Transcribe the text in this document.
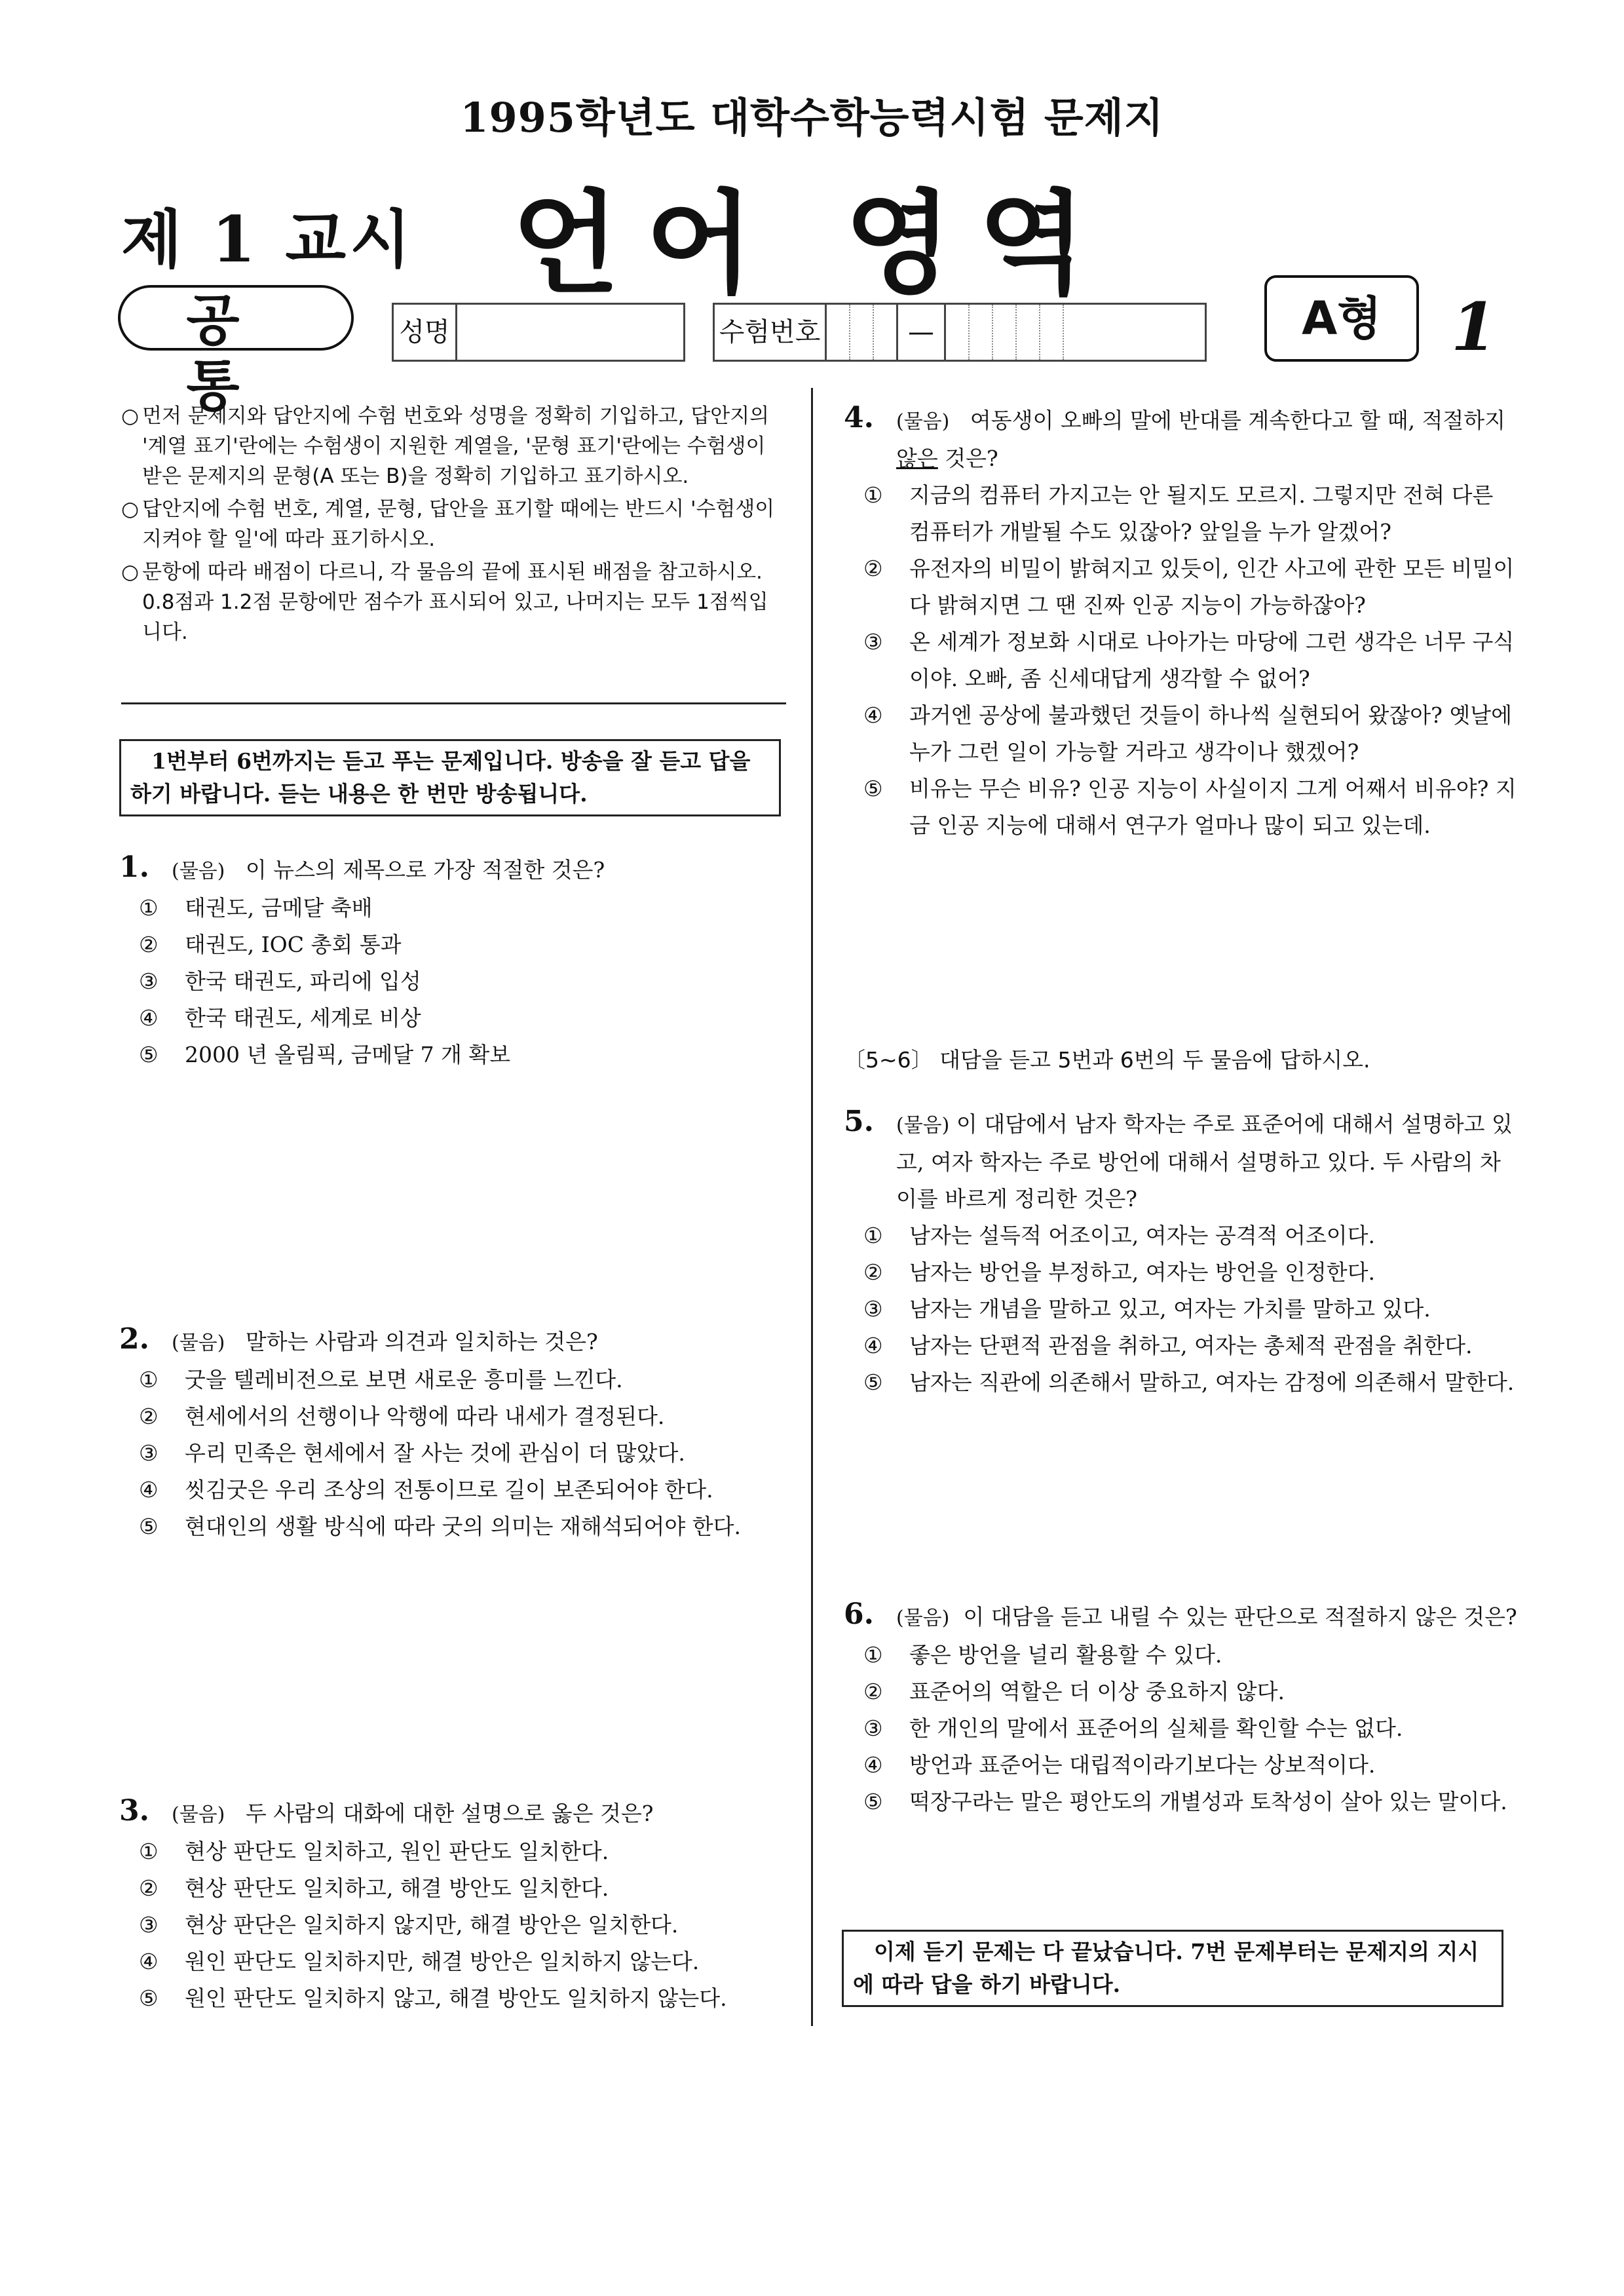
1995학년도 대학수학능력시험 문제지
제 1 교시 언어 영역
공 통
성명	수험번호	—	A형	1
○ 먼저 문제지와 답안지에 수험 번호와 성명을 정확히 기입하고, 답안지의 '계열 표기'란에는 수험생이 지원한 계열을, '문형 표기'란에는 수험생이 받은 문제지의 문형(A 또는 B)을 정확히 기입하고 표기하시오.
○ 답안지에 수험 번호, 계열, 문형, 답안을 표기할 때에는 반드시 '수험생이 지켜야 할 일'에 따라 표기하시오.
○ 문항에 따라 배점이 다르니, 각 물음의 끝에 표시된 배점을 참고하시오. 0.8점과 1.2점 문항에만 점수가 표시되어 있고, 나머지는 모두 1점씩입니다.
1번부터 6번까지는 듣고 푸는 문제입니다. 방송을 잘 듣고 답을 하기 바랍니다. 듣는 내용은 한 번만 방송됩니다.
1. (물음) 이 뉴스의 제목으로 가장 적절한 것은?
① 태권도, 금메달 축배
② 태권도, IOC 총회 통과
③ 한국 태권도, 파리에 입성
④ 한국 태권도, 세계로 비상
⑤ 2000 년 올림픽, 금메달 7 개 확보
2. (물음) 말하는 사람과 의견과 일치하는 것은?
① 굿을 텔레비전으로 보면 새로운 흥미를 느낀다.
② 현세에서의 선행이나 악행에 따라 내세가 결정된다.
③ 우리 민족은 현세에서 잘 사는 것에 관심이 더 많았다.
④ 씻김굿은 우리 조상의 전통이므로 길이 보존되어야 한다.
⑤ 현대인의 생활 방식에 따라 굿의 의미는 재해석되어야 한다.
3. (물음) 두 사람의 대화에 대한 설명으로 옳은 것은?
① 현상 판단도 일치하고, 원인 판단도 일치한다.
② 현상 판단도 일치하고, 해결 방안도 일치한다.
③ 현상 판단은 일치하지 않지만, 해결 방안은 일치한다.
④ 원인 판단도 일치하지만, 해결 방안은 일치하지 않는다.
⑤ 원인 판단도 일치하지 않고, 해결 방안도 일치하지 않는다.
4. (물음) 여동생이 오빠의 말에 반대를 계속한다고 할 때, 적절하지 않은 것은?
① 지금의 컴퓨터 가지고는 안 될지도 모르지. 그렇지만 전혀 다른 컴퓨터가 개발될 수도 있잖아? 앞일을 누가 알겠어?
② 유전자의 비밀이 밝혀지고 있듯이, 인간 사고에 관한 모든 비밀이 다 밝혀지면 그 땐 진짜 인공 지능이 가능하잖아?
③ 온 세계가 정보화 시대로 나아가는 마당에 그런 생각은 너무 구식이야. 오빠, 좀 신세대답게 생각할 수 없어?
④ 과거엔 공상에 불과했던 것들이 하나씩 실현되어 왔잖아? 옛날에 누가 그런 일이 가능할 거라고 생각이나 했겠어?
⑤ 비유는 무슨 비유? 인공 지능이 사실이지 그게 어째서 비유야? 지금 인공 지능에 대해서 연구가 얼마나 많이 되고 있는데.
〔5∼6〕 대담을 듣고 5번과 6번의 두 물음에 답하시오.
5. (물음) 이 대담에서 남자 학자는 주로 표준어에 대해서 설명하고 있고, 여자 학자는 주로 방언에 대해서 설명하고 있다. 두 사람의 차이를 바르게 정리한 것은?
① 남자는 설득적 어조이고, 여자는 공격적 어조이다.
② 남자는 방언을 부정하고, 여자는 방언을 인정한다.
③ 남자는 개념을 말하고 있고, 여자는 가치를 말하고 있다.
④ 남자는 단편적 관점을 취하고, 여자는 총체적 관점을 취한다.
⑤ 남자는 직관에 의존해서 말하고, 여자는 감정에 의존해서 말한다.
6. (물음) 이 대담을 듣고 내릴 수 있는 판단으로 적절하지 않은 것은?
① 좋은 방언을 널리 활용할 수 있다.
② 표준어의 역할은 더 이상 중요하지 않다.
③ 한 개인의 말에서 표준어의 실체를 확인할 수는 없다.
④ 방언과 표준어는 대립적이라기보다는 상보적이다.
⑤ 떡장구라는 말은 평안도의 개별성과 토착성이 살아 있는 말이다.
이제 듣기 문제는 다 끝났습니다. 7번 문제부터는 문제지의 지시에 따라 답을 하기 바랍니다.
